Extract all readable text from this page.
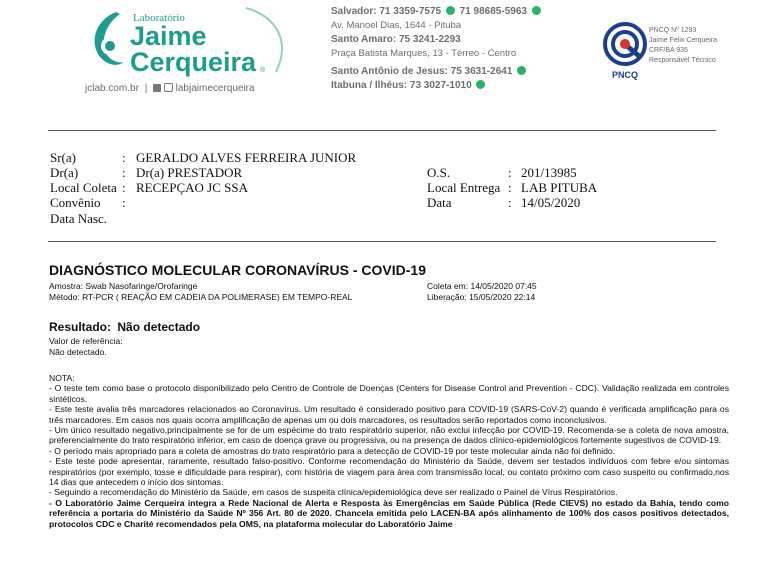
Laboratório
Jaime
Cerqueira ®
jclab.com.br |	labjaimecerqueira
Salvador: 71 3359-7575  71 98685-5963
Av. Manoel Dias, 1644 - Pituba
Santo Amaro: 75 3241-2293
Praça Batista Marques, 13 - Térreo - Centro
Santo Antônio de Jesus: 75 3631-2641
Itabuna / Ilhéus: 73 3027-1010
PNCQ
PNCQ Nº 1293
Jaime Felix Cerqueira
CRF/BA 935
Responsável Técnico
Sr(a)	: GERALDO ALVES FERREIRA JUNIOR
Dr(a)	: Dr(a) PRESTADOR
Local Coleta : RECEPÇAO JC SSA
Convênio :
Data Nasc.
O.S.	: 201/13985
Local Entrega : LAB PITUBA
Data	: 14/05/2020
DIAGNÓSTICO MOLECULAR CORONAVÍRUS - COVID-19
Amostra: Swab Nasofaringe/Orofaringe
Método: RT-PCR ( REAÇÃO EM CADEIA DA POLIMERASE) EM TEMPO-REAL
Coleta em: 14/05/2020 07:45
Liberação: 15/05/2020 22:14
Resultado: Não detectado
Valor de referência:
Não detectado.
NOTA:
- O teste tem como base o protocolo disponibilizado pelo Centro de Controle de Doenças (Centers for Disease Control and Prevention - CDC). Validação realizada em controles sintéticos.
- Este teste avalia três marcadores relacionados ao Coronavírus. Um resultado é considerado positivo para COVID-19 (SARS-CoV-2) quando é verificada amplificação para os três marcadores. Em casos nos quais ocorra amplificação de apenas um ou dois marcadores, os resultados serão reportados como inconclusivos.
- Um único resultado negativo,principalmente se for de um espécime do trato respiratório superior, não exclui infecção por COVID-19. Recomenda-se a coleta de nova amostra, preferencialmente do trato respiratório inferior, em caso de doença grave ou progressiva, ou na presença de dados clínico-epidemiológicos fortemente sugestivos de COVID-19.
- O período mais apropriado para a coleta de amostras do trato respiratório para a detecção de COVID-19 por teste molecular ainda não foi definido.
- Este teste pode apresentar, raramente, resultado falso-positivo. Conforme recomendação do Ministério da Saúde, devem ser testados indivíduos com febre e/ou sintomas respiratórios (por exemplo, tosse e dificuldade para respirar), com história de viagem para área com transmissão local, ou contato próximo com caso suspeito ou confirmado,nos 14 dias que antecedem o início dos sintomas.
- Seguindo a recomendação do Ministério da Saúde, em casos de suspeita clínica/epidemiológica deve ser realizado o Painel de Vírus Respiratórios.
- O Laboratório Jaime Cerqueira integra a Rede Nacional de Alerta e Resposta às Emergências em Saúde Pública (Rede CIEVS) no estado da Bahia, tendo como referência a portaria do Ministério da Saúde Nº 356 Art. 80 de 2020. Chancela emitida pelo LACEN-BA após alinhamento de 100% dos casos positivos detectados, protocolos CDC e Charité recomendados pela OMS, na plataforma molecular do Laboratório Jaime
